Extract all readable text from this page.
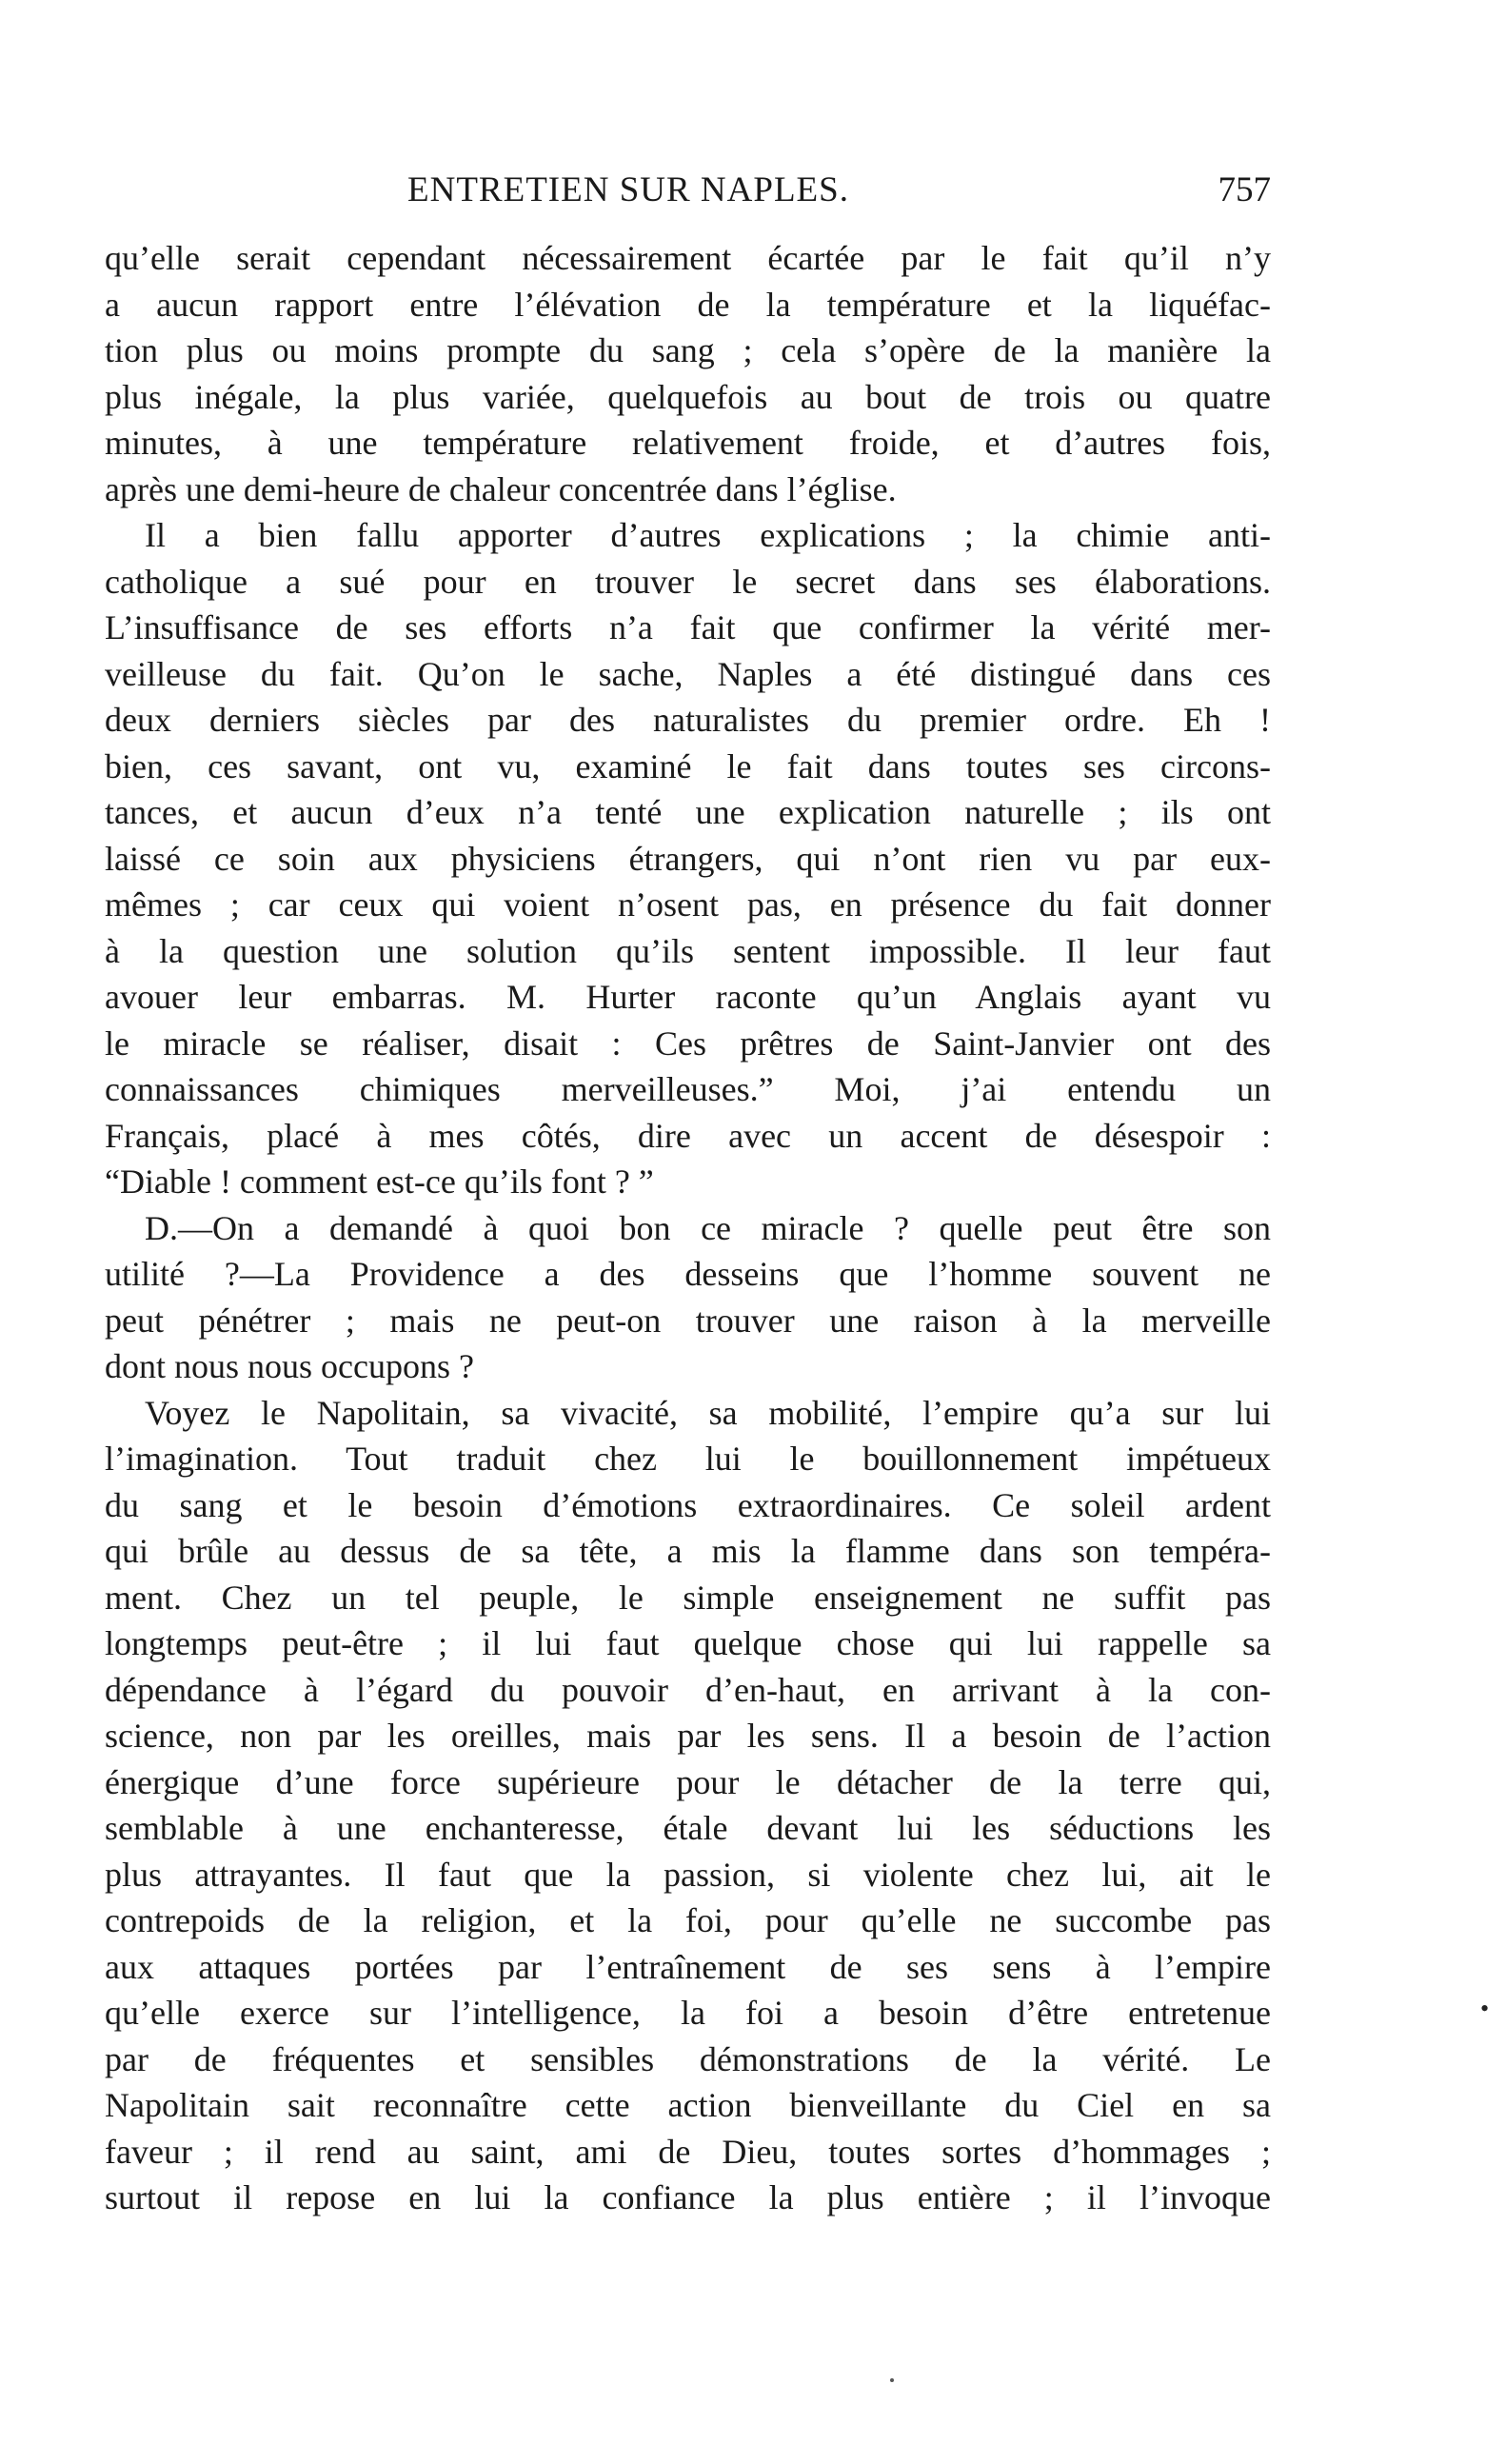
ENTRETIEN SUR NAPLES.	757
qu’elle serait cependant nécessairement écartée par le fait qu’il n’y
a aucun rapport entre l’élévation de la température et la liquéfac-
tion plus ou moins prompte du sang ; cela s’opère de la manière la
plus inégale, la plus variée, quelquefois au bout de trois ou quatre
minutes, à une température relativement froide, et d’autres fois,
après une demi-heure de chaleur concentrée dans l’église.
Il a bien fallu apporter d’autres explications ; la chimie anti-
catholique a sué pour en trouver le secret dans ses élaborations.
L’insuffisance de ses efforts n’a fait que confirmer la vérité mer-
veilleuse du fait. Qu’on le sache, Naples a été distingué dans ces
deux derniers siècles par des naturalistes du premier ordre. Eh !
bien, ces savant, ont vu, examiné le fait dans toutes ses circons-
tances, et aucun d’eux n’a tenté une explication naturelle ; ils ont
laissé ce soin aux physiciens étrangers, qui n’ont rien vu par eux-
mêmes ; car ceux qui voient n’osent pas, en présence du fait donner
à la question une solution qu’ils sentent impossible. Il leur faut
avouer leur embarras. M. Hurter raconte qu’un Anglais ayant vu
le miracle se réaliser, disait : Ces prêtres de Saint-Janvier ont des
connaissances chimiques merveilleuses.” Moi, j’ai entendu un
Français, placé à mes côtés, dire avec un accent de désespoir :
“Diable ! comment est-ce qu’ils font ? ”
D.—On a demandé à quoi bon ce miracle ? quelle peut être son
utilité ?—La Providence a des desseins que l’homme souvent ne
peut pénétrer ; mais ne peut-on trouver une raison à la merveille
dont nous nous occupons ?
Voyez le Napolitain, sa vivacité, sa mobilité, l’empire qu’a sur lui
l’imagination. Tout traduit chez lui le bouillonnement impétueux
du sang et le besoin d’émotions extraordinaires. Ce soleil ardent
qui brûle au dessus de sa tête, a mis la flamme dans son tempéra-
ment. Chez un tel peuple, le simple enseignement ne suffit pas
longtemps peut-être ; il lui faut quelque chose qui lui rappelle sa
dépendance à l’égard du pouvoir d’en-haut, en arrivant à la con-
science, non par les oreilles, mais par les sens. Il a besoin de l’action
énergique d’une force supérieure pour le détacher de la terre qui,
semblable à une enchanteresse, étale devant lui les séductions les
plus attrayantes. Il faut que la passion, si violente chez lui, ait le
contrepoids de la religion, et la foi, pour qu’elle ne succombe pas
aux attaques portées par l’entraînement de ses sens à l’empire
qu’elle exerce sur l’intelligence, la foi a besoin d’être entretenue
par de fréquentes et sensibles démonstrations de la vérité. Le
Napolitain sait reconnaître cette action bienveillante du Ciel en sa
faveur ; il rend au saint, ami de Dieu, toutes sortes d’hommages ;
surtout il repose en lui la confiance la plus entière ; il l’invoque
•
